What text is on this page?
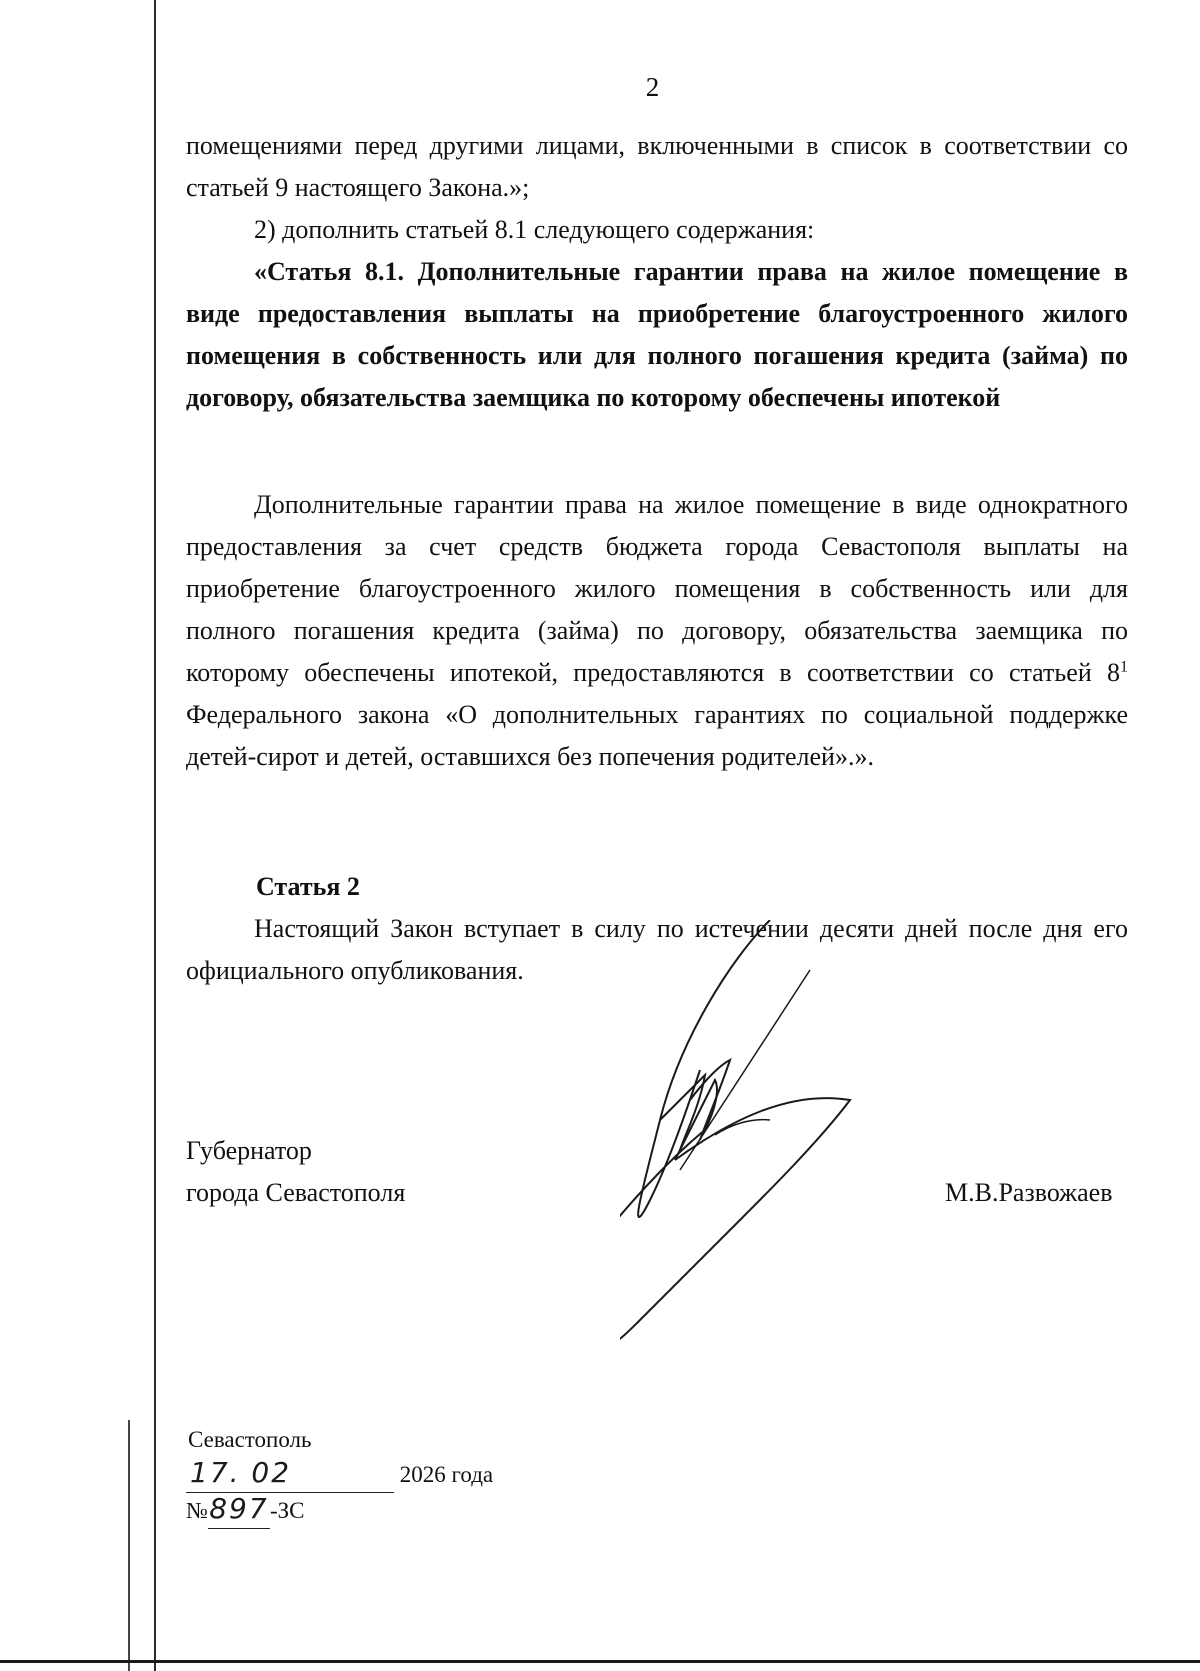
2

помещениями перед другими лицами, включенными в список в соответствии со статьей 9 настоящего Закона.»;

2) дополнить статьей 8.1 следующего содержания:

«Статья 8.1. Дополнительные гарантии права на жилое помещение в виде предоставления выплаты на приобретение благоустроенного жилого помещения в собственность или для полного погашения кредита (займа) по договору, обязательства заемщика по которому обеспечены ипотекой

Дополнительные гарантии права на жилое помещение в виде однократного предоставления за счет средств бюджета города Севастополя выплаты на приобретение благоустроенного жилого помещения в собственность или для полного погашения кредита (займа) по договору, обязательства заемщика по которому обеспечены ипотекой, предоставляются в соответствии со статьей $8^1$ Федерального закона «О дополнительных гарантиях по социальной поддержке детей-сирот и детей, оставшихся без попечения родителей».».

Статья 2

Настоящий Закон вступает в силу по истечении десяти дней после дня его официального опубликования.

Губернатор
города Севастополя	М.В.Развожаев
Севастополь
17. 02	2026 года
№897-ЗС
